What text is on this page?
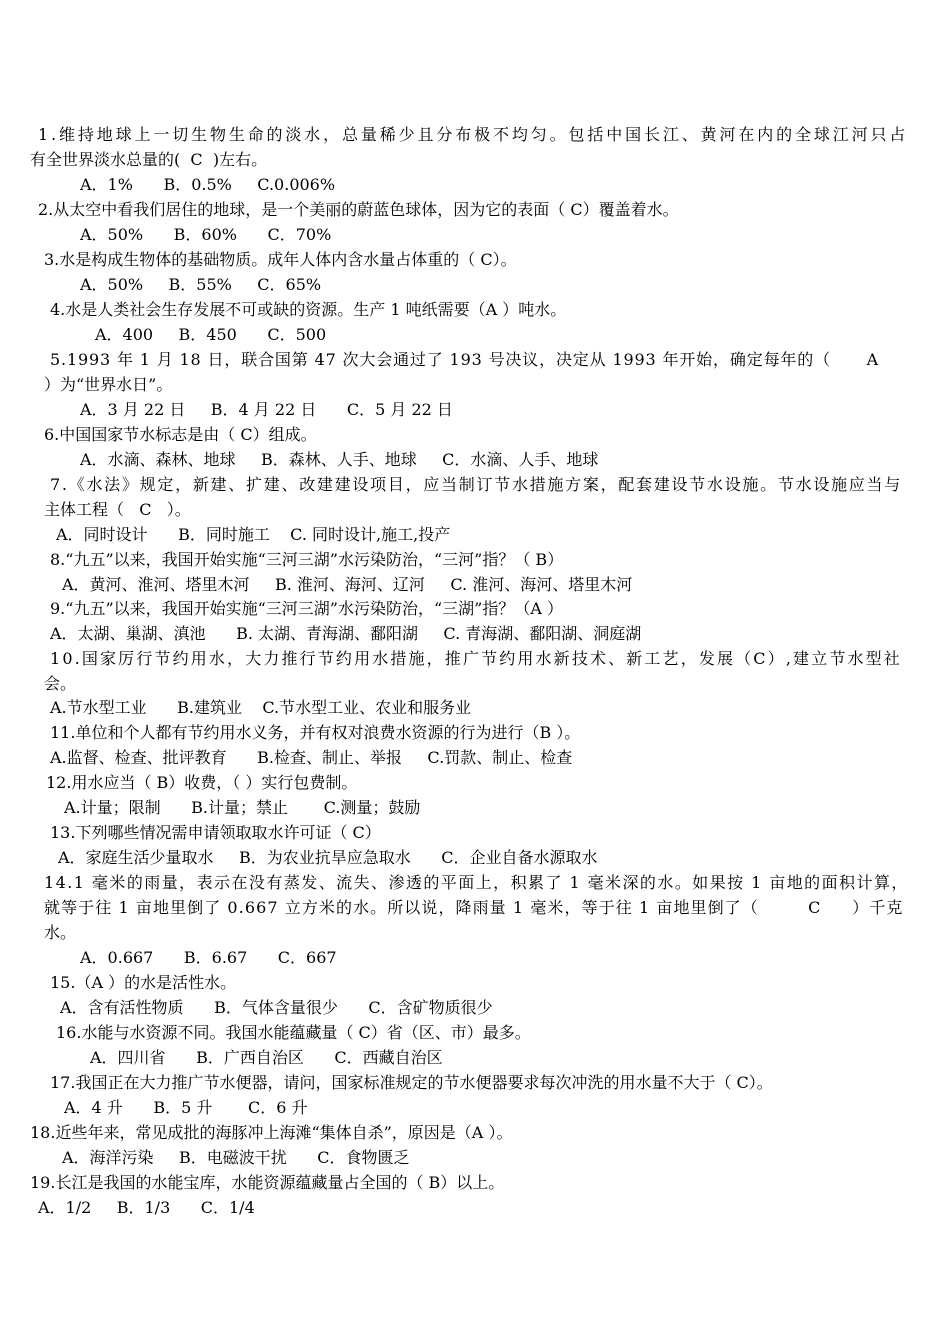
1.维持地球上一切生物生命的淡水，总量稀少且分布极不均匀。包括中国长江、黄河在内的全球江河只占

有全世界淡水总量的(  C  )左右。

A．1%      B．0.5%     C.0.006%

2.从太空中看我们居住的地球，是一个美丽的蔚蓝色球体，因为它的表面（ C）覆盖着水。

A．50%      B．60%      C．70%

3.水是构成生物体的基础物质。成年人体内含水量占体重的（ C）。

A．50%     B．55%     C．65%

4.水是人类社会生存发展不可或缺的资源。生产 1 吨纸需要（A ）吨水。

A．400     B．450      C．500

5.1993 年 1 月 18 日，联合国第 47 次大会通过了 193 号决议，决定从 1993 年开始，确定每年的（      A

）为“世界水日”。

A．3 月 22 日     B．4 月 22 日      C．5 月 22 日

6.中国国家节水标志是由（ C）组成。

A．水滴、森林、地球     B．森林、人手、地球     C．水滴、人手、地球

7.《水法》规定，新建、扩建、改建建设项目，应当制订节水措施方案，配套建设节水设施。节水设施应当与

主体工程（   C   ）。

A．同时设计      B．同时施工    C. 同时设计,施工,投产

8.“九五”以来，我国开始实施“三河三湖”水污染防治，“三河”指？（ B）

A．黄河、淮河、塔里木河     B. 淮河、海河、辽河     C. 淮河、海河、塔里木河

9.“九五”以来，我国开始实施“三河三湖”水污染防治，“三湖”指？（A ）

A．太湖、巢湖、滇池      B. 太湖、青海湖、鄱阳湖     C. 青海湖、鄱阳湖、洞庭湖

10.国家厉行节约用水，大力推行节约用水措施，推广节约用水新技术、新工艺，发展（C）,建立节水型社

会。

A.节水型工业      B.建筑业    C.节水型工业、农业和服务业

11.单位和个人都有节约用水义务，并有权对浪费水资源的行为进行（B ）。

A.监督、检查、批评教育      B.检查、制止、举报     C.罚款、制止、检查

12.用水应当（ B）收费，（ ）实行包费制。

A.计量；限制      B.计量；禁止       C.测量；鼓励

13.下列哪些情况需申请领取取水许可证（ C）

A．家庭生活少量取水     B．为农业抗旱应急取水      C．企业自备水源取水

14.1 毫米的雨量，表示在没有蒸发、流失、渗透的平面上，积累了 1 毫米深的水。如果按 1 亩地的面积计算，

就等于往 1 亩地里倒了 0.667 立方米的水。所以说，降雨量 1 毫米，等于往 1 亩地里倒了（        C     ）千克

水。

A．0.667      B．6.67      C．667

15.（A ）的水是活性水。

A．含有活性物质      B．气体含量很少      C．含矿物质很少

16.水能与水资源不同。我国水能蕴藏量（ C）省（区、市）最多。

A．四川省      B．广西自治区      C．西藏自治区

17.我国正在大力推广节水便器，请问，国家标准规定的节水便器要求每次冲洗的用水量不大于（ C）。

A．4 升      B．5 升       C．6 升

18.近些年来，常见成批的海豚冲上海滩“集体自杀”，原因是（A ）。

A．海洋污染     B．电磁波干扰      C．食物匮乏

19.长江是我国的水能宝库，水能资源蕴藏量占全国的（ B）以上。

A．1/2     B．1/3      C．1/4
